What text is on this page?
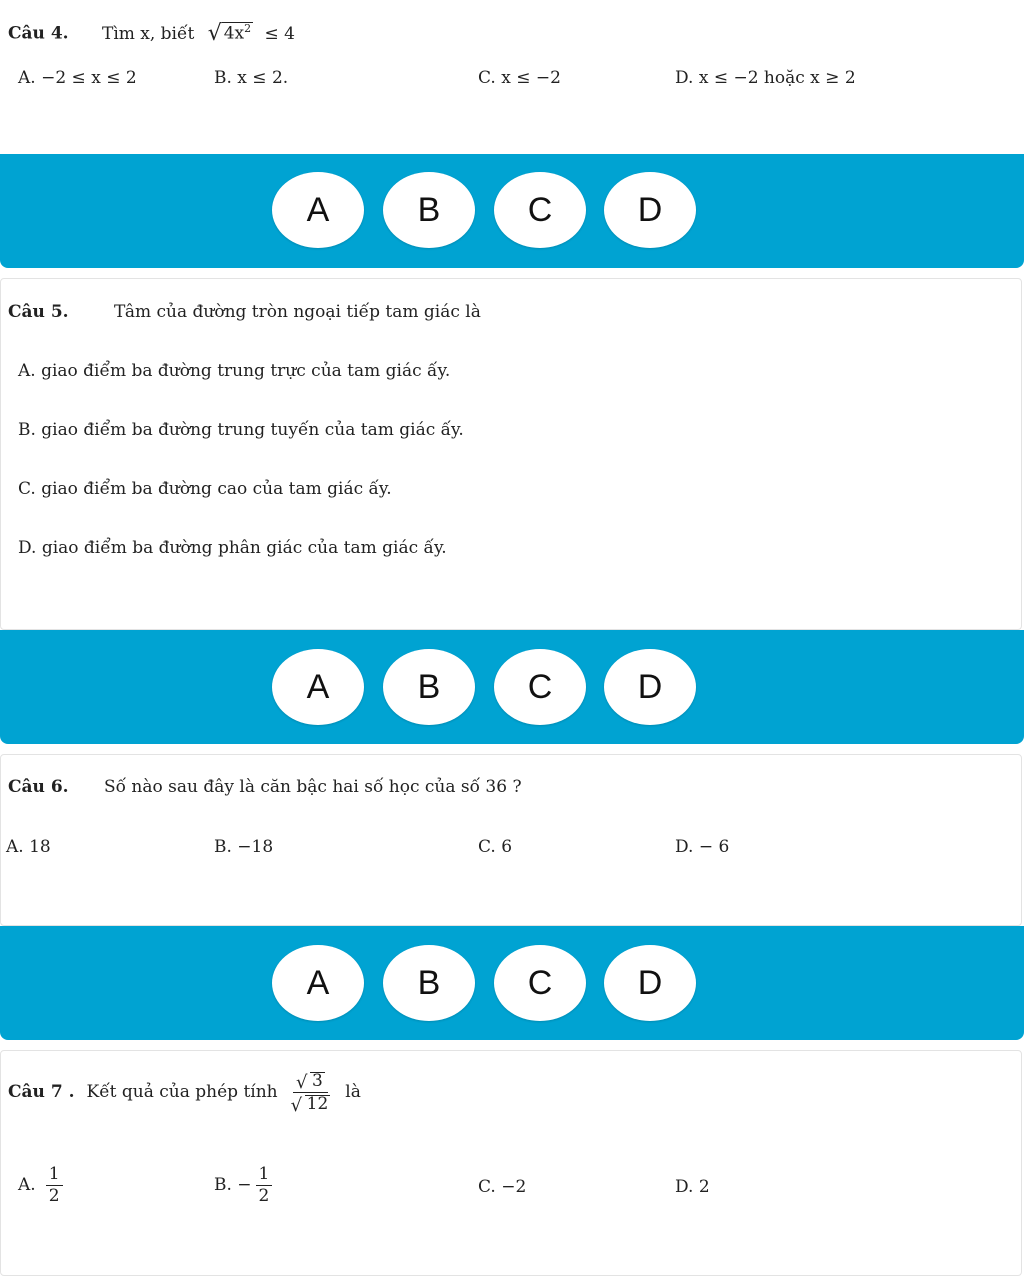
Câu 4. Tìm x, biết √ $4x^2 \le 4$
A. −2 ≤ x ≤ 2	B. x ≤ 2.	C. x ≤ −2	D. x ≤ −2 hoặc x ≥ 2
A	B	C	D
Câu 5.	Tâm của đường tròn ngoại tiếp tam giác là
A. giao điểm ba đường trung trực của tam giác ấy.
B. giao điểm ba đường trung tuyến của tam giác ấy.
C. giao điểm ba đường cao của tam giác ấy.
D. giao điểm ba đường phân giác của tam giác ấy.
A	B	C	D
Câu 6. Số nào sau đây là căn bậc hai số học của số 36 ?
A. 18	B. −18	C. 6	D. − 6
A	B	C	D
Câu 7 . Kết quả của phép tính $\frac{√ 3}{√ 12}$ là
A. $\frac{1}{2}$	B. − $\frac{1}{2}$	C. −2	D. 2
